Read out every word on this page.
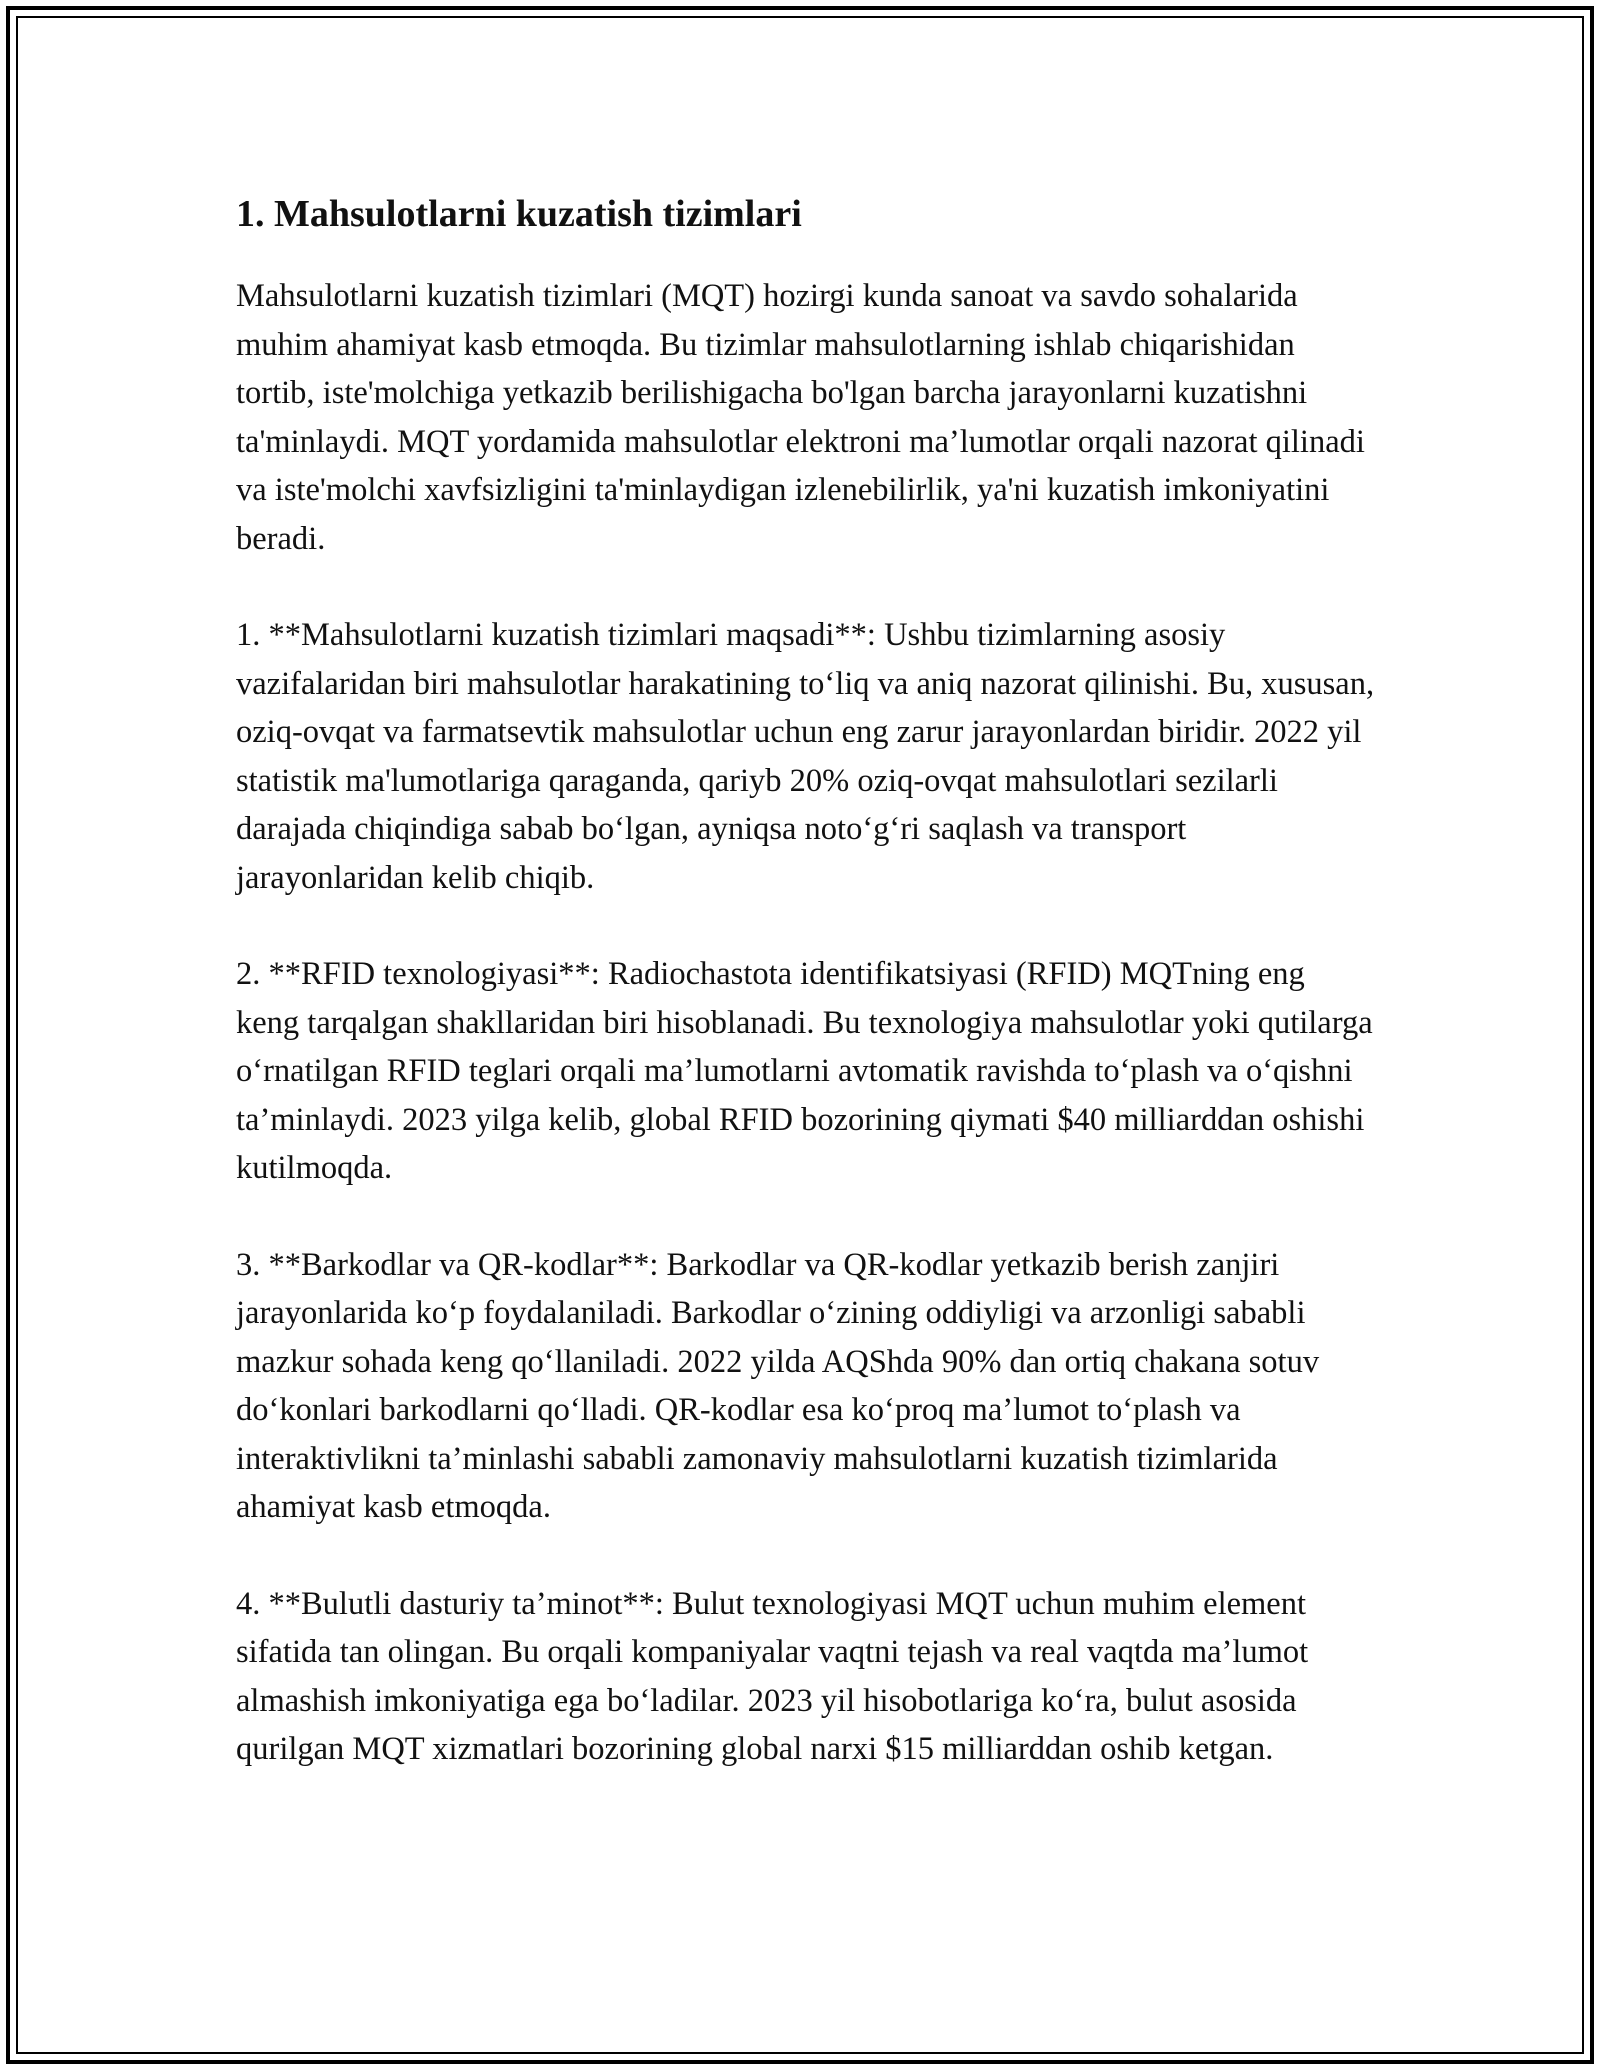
1. Mahsulotlarni kuzatish tizimlari

Mahsulotlarni kuzatish tizimlari (MQT) hozirgi kunda sanoat va savdo sohalarida muhim ahamiyat kasb etmoqda. Bu tizimlar mahsulotlarning ishlab chiqarishidan tortib, iste'molchiga yetkazib berilishigacha bo'lgan barcha jarayonlarni kuzatishni ta'minlaydi. MQT yordamida mahsulotlar elektroni ma’lumotlar orqali nazorat qilinadi va iste'molchi xavfsizligini ta'minlaydigan izlenebilirlik, ya'ni kuzatish imkoniyatini beradi.

1. **Mahsulotlarni kuzatish tizimlari maqsadi**: Ushbu tizimlarning asosiy vazifalaridan biri mahsulotlar harakatining to‘liq va aniq nazorat qilinishi. Bu, xususan, oziq-ovqat va farmatsevtik mahsulotlar uchun eng zarur jarayonlardan biridir. 2022 yil statistik ma'lumotlariga qaraganda, qariyb 20% oziq-ovqat mahsulotlari sezilarli darajada chiqindiga sabab bo‘lgan, ayniqsa noto‘g‘ri saqlash va transport jarayonlaridan kelib chiqib.

2. **RFID texnologiyasi**: Radiochastota identifikatsiyasi (RFID) MQTning eng keng tarqalgan shakllaridan biri hisoblanadi. Bu texnologiya mahsulotlar yoki qutilarga o‘rnatilgan RFID teglari orqali ma’lumotlarni avtomatik ravishda to‘plash va o‘qishni ta’minlaydi. 2023 yilga kelib, global RFID bozorining qiymati $40 milliarddan oshishi kutilmoqda.

3. **Barkodlar va QR-kodlar**: Barkodlar va QR-kodlar yetkazib berish zanjiri jarayonlarida ko‘p foydalaniladi. Barkodlar o‘zining oddiyligi va arzonligi sababli mazkur sohada keng qo‘llaniladi. 2022 yilda AQShda 90% dan ortiq chakana sotuv do‘konlari barkodlarni qo‘lladi. QR-kodlar esa ko‘proq ma’lumot to‘plash va interaktivlikni ta’minlashi sababli zamonaviy mahsulotlarni kuzatish tizimlarida ahamiyat kasb etmoqda.

4. **Bulutli dasturiy ta’minot**: Bulut texnologiyasi MQT uchun muhim element sifatida tan olingan. Bu orqali kompaniyalar vaqtni tejash va real vaqtda ma’lumot almashish imkoniyatiga ega bo‘ladilar. 2023 yil hisobotlariga ko‘ra, bulut asosida qurilgan MQT xizmatlari bozorining global narxi $15 milliarddan oshib ketgan.
